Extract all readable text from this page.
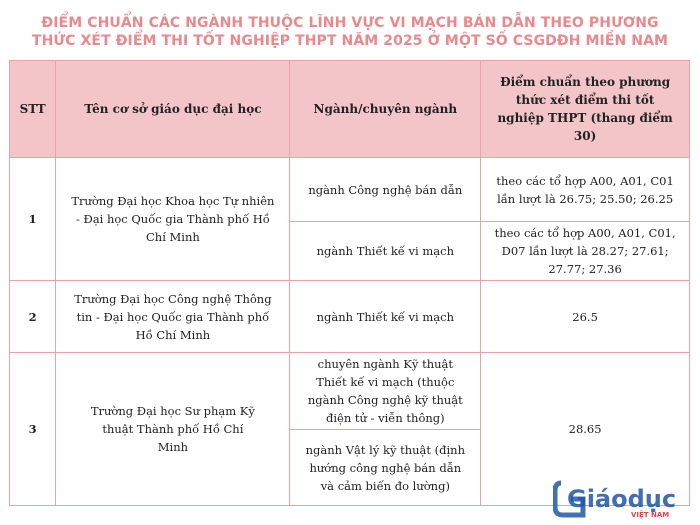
ĐIỂM CHUẨN CÁC NGÀNH THUỘC LĨNH VỰC VI MẠCH BÁN DẪN THEO PHƯƠNG
THỨC XÉT ĐIỂM THI TỐT NGHIỆP THPT NĂM 2025 Ở MỘT SỐ CSGDĐH MIỀN NAM
STT	Tên cơ sở giáo dục đại học	Ngành/chuyên ngành	Điểm chuẩn theo phương thức xét điểm thi tốt nghiệp THPT (thang điểm 30)
1	Trường Đại học Khoa học Tự nhiên - Đại học Quốc gia Thành phố Hồ Chí Minh	ngành Công nghệ bán dẫn	theo các tổ hợp A00, A01, C01 lần lượt là 26.75; 25.50; 26.25
		ngành Thiết kế vi mạch	theo các tổ hợp A00, A01, C01, D07 lần lượt là 28.27; 27.61; 27.77; 27.36
2	Trường Đại học Công nghệ Thông tin - Đại học Quốc gia Thành phố Hồ Chí Minh	ngành Thiết kế vi mạch	26.5
3	Trường Đại học Sư phạm Kỹ thuật Thành phố Hồ Chí Minh	chuyên ngành Kỹ thuật Thiết kế vi mạch (thuộc ngành Công nghệ kỹ thuật điện tử - viễn thông)	28.65
		ngành Vật lý kỹ thuật (định hướng công nghệ bán dẫn và cảm biến đo lường)		Giáodục
VIỆT NAM
